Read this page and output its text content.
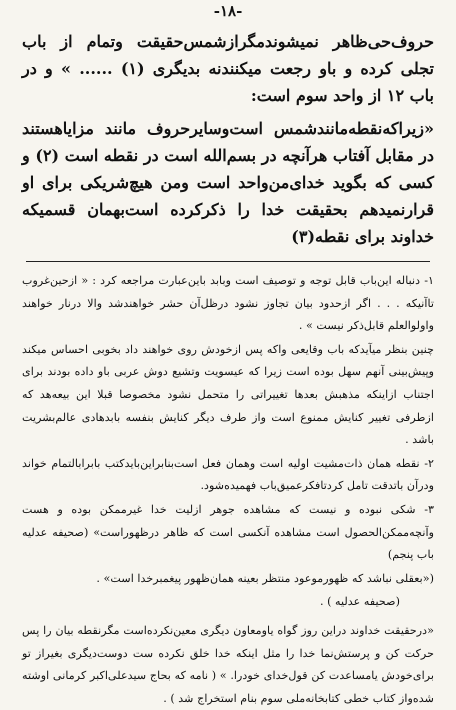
-١٨-

حروف‌حی‌ظاهر نمیشوندمگراز‌شمس‌حقیقت و‌تمام از باب تجلی کرده و باو رجعت میکنندنه بدیگری (١) ...... » و در باب ١٢ از واحد سوم است:

«زیراکه‌نقطه‌مانندشمس است‌وسایر‌حروف مانند مزایاهستند در مقابل آفتاب هرآنچه در بسم‌الله است در نقطه است (٢) و کسی که بگوید خدای‌من‌واحد است ومن هیچ‌شریکی برای او قرار‌نمیدهم بحقیقت خدا را ذکرکرده است‌بهمان قسمیکه خداوند برای نقطه(٣)

١- دنباله این‌باب قابل توجه و توصیف است وبابد باین‌عبارت مراجعه کرد : « از‌حین‌غروب تاآنیکه . . . اگر ازحدود بیان تجاوز نشود درظل‌آن حشر خواهندشد والا در‌نار خواهند واولوالعلم قابل‌ذکر نیست » .

چنین بنظر میآیدکه باب وقایعی واکه پس ازخودش روی خواهند داد بخوبی احساس میکند وپیش‌بینی آنهم سهل بوده است زیرا که عیسویت وتشیع دوش عربی باو داده بودند برای اجتناب ازاینکه مذهبش بعدها تغییراتی را متحمل نشود مخصوصا قبلا ‌این بیعه‌هد که ازطرفی تغییر کنایش ممنوع است واز طرف دیگر کنایش بنفسه بابدهادی عالم‌بشریت باشد .

٢- نقطه همان ذات‌مشیت اولیه است وهمان فعل است‌بنابراین‌بایدکتب بابرا‌بالتمام خواند ودر‌آن باتدقت تامل کردتافکرعمیق‌باب فهمیده‌شود.

٣- شکی نبوده و نیست که مشاهده جوهر ازلیت خدا غیرممکن بوده و هست وآنچه‌ممکن‌الحصول است مشاهده آنکسی است که ظاهر درظهوراست» (صحیفه عدلیه باب پنجم)

(«بعقلی نباشد که ظهورموعود منتظر بعینه همان‌ظهور پیغمبرخدا است» .

(صحیفه عدلیه ) .

«درحقیقت خداوند دراین روز گواه یاومعاون دیگری معین‌نکرده‌است مگر‌نقطه بیان را پس حرکت کن و پرستش‌نما خدا را مثل اینکه خدا خلق نکرده ست دوست‌دیگری بغیراز تو برای‌خودش یامساعدت کن قول‌خدای خودرا. » ( نامه که بحاج سیدعلی‌اکبر کرمانی اوشته شده‌و‌از کتاب خطی کتابخانه‌ملی سوم بنام استخراج شد ) .
